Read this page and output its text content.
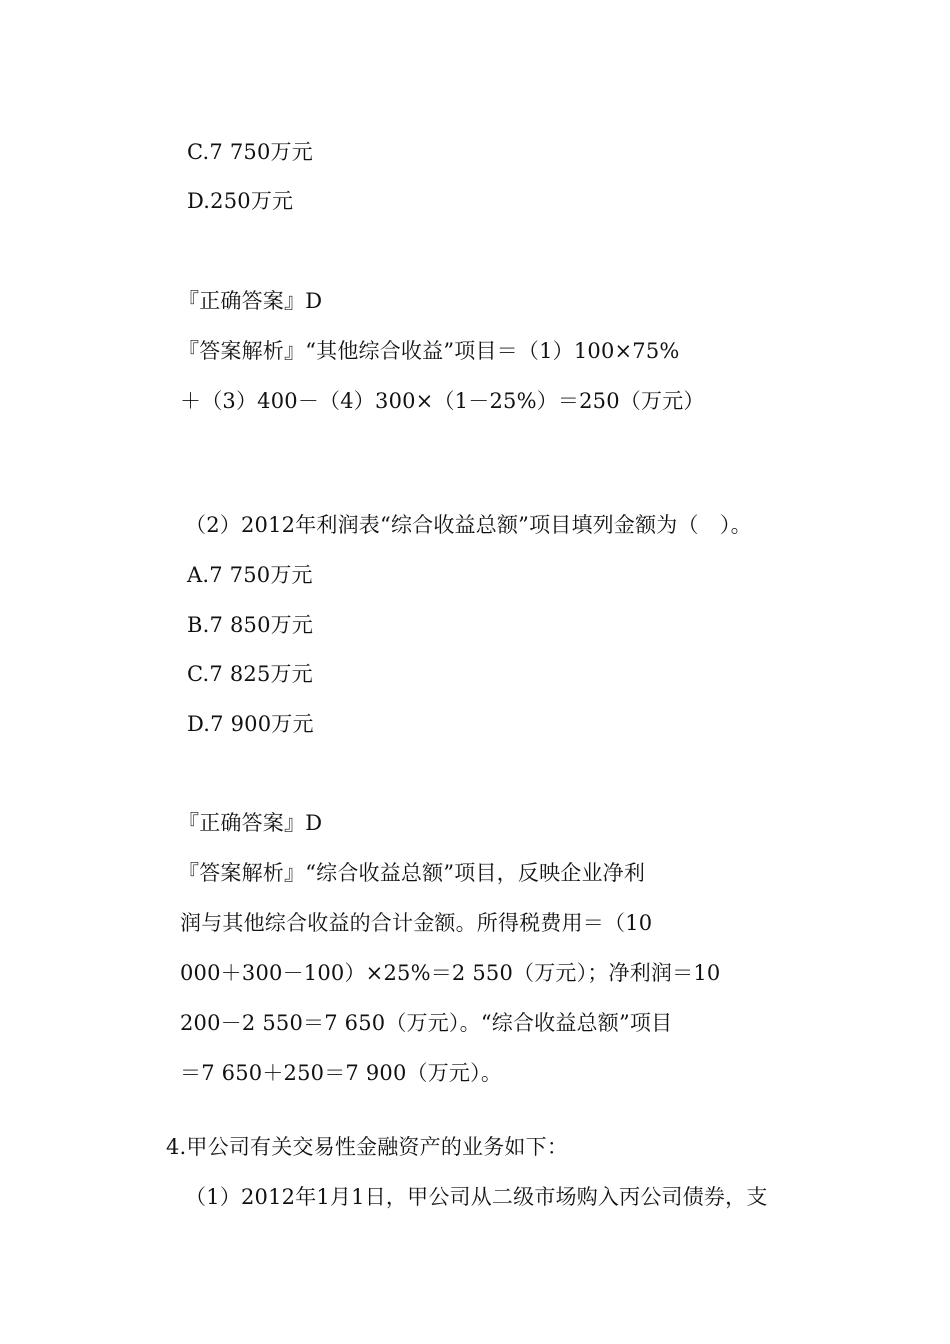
C.7 750万元
D.250万元
『正确答案』D
『答案解析』“其他综合收益”项目＝（1）100×75%
＋（3）400－（4）300×（1－25%）＝250（万元）
（2）2012年利润表“综合收益总额”项目填列金额为（　）。
A.7 750万元
B.7 850万元
C.7 825万元
D.7 900万元
『正确答案』D
『答案解析』“综合收益总额”项目，反映企业净利
润与其他综合收益的合计金额。所得税费用＝（10
000＋300－100）×25%＝2 550（万元）；净利润＝10
200－2 550＝7 650（万元）。“综合收益总额”项目
＝7 650＋250＝7 900（万元）。
4.甲公司有关交易性金融资产的业务如下：
（1）2012年1月1日，甲公司从二级市场购入丙公司债券，支
